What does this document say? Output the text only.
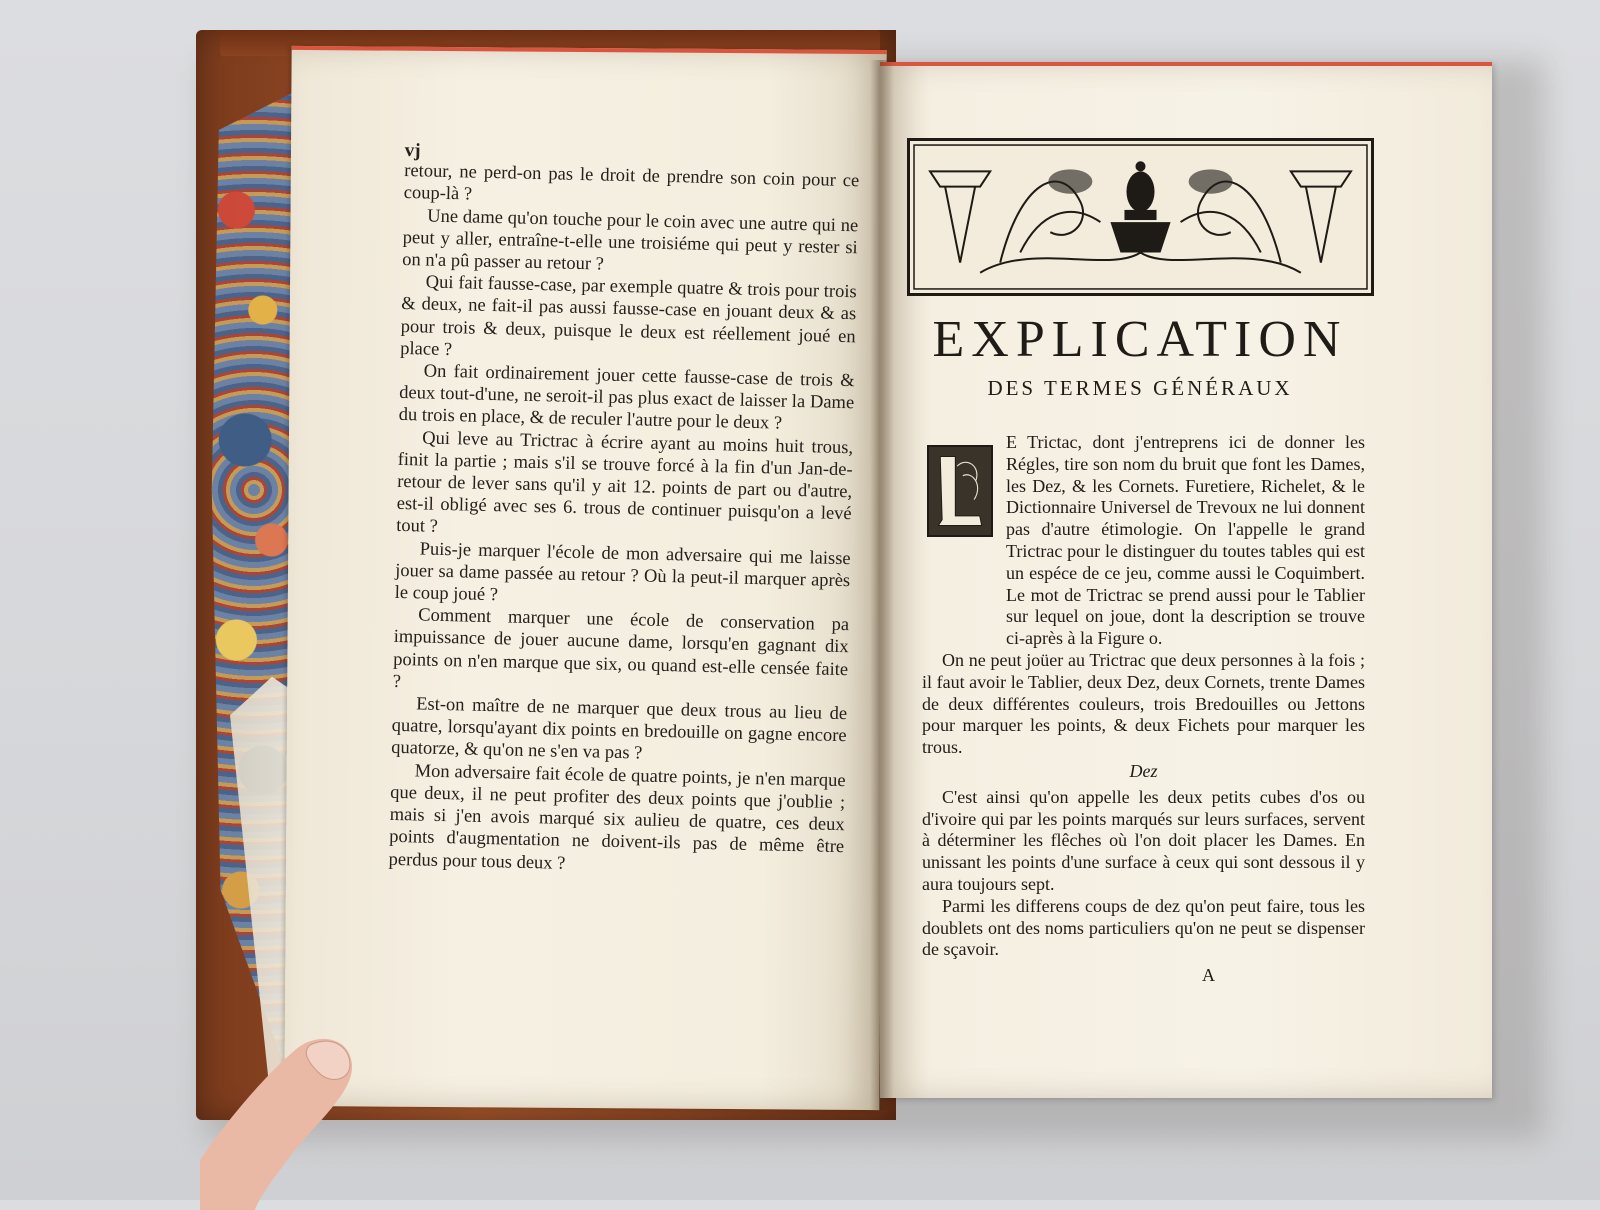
vj

retour, ne perd-on pas le droit de prendre son coin pour ce coup-là ?

Une dame qu'on touche pour le coin avec une autre qui ne peut y aller, entraîne-t-elle une troisiéme qui peut y rester si on n'a pû passer au retour ?

Qui fait fausse-case, par exemple quatre & trois pour trois & deux, ne fait-il pas aussi fausse-case en jouant deux & as pour trois & deux, puisque le deux est réellement joué en place ?

On fait ordinairement jouer cette fausse-case de trois & deux tout-d'une, ne seroit-il pas plus exact de laisser la Dame du trois en place, & de reculer l'autre pour le deux ?

Qui leve au Trictrac à écrire ayant au moins huit trous, finit la partie ; mais s'il se trouve forcé à la fin d'un Jan-de-retour de lever sans qu'il y ait 12. points de part ou d'autre, est-il obligé avec ses 6. trous de continuer puisqu'on a levé tout ?

Puis-je marquer l'école de mon adversaire qui me laisse jouer sa dame passée au retour ? Où la peut-il marquer après le coup joué ?

Comment marquer une école de conservation pa impuissance de jouer aucune dame, lorsqu'en gagnant dix points on n'en marque que six, ou quand est-elle censée faite ?

Est-on maître de ne marquer que deux trous au lieu de quatre, lorsqu'ayant dix points en bredouille on gagne encore quatorze, & qu'on ne s'en va pas ?

Mon adversaire fait école de quatre points, je n'en marque que deux, il ne peut profiter des deux points que j'oublie ; mais si j'en avois marqué six aulieu de quatre, ces deux points d'augmentation ne doivent-ils pas de même être perdus pour tous deux ?

EXPLICATION
DES TERMES GÉNÉRAUX

E Trictac, dont j'entreprens ici de donner les Régles, tire son nom du bruit que font les Dames, les Dez, & les Cornets. Furetiere, Richelet, & le Dictionnaire Universel de Trevoux ne lui donnent pas d'autre étimologie. On l'appelle le grand Trictrac pour le distinguer du toutes tables qui est un espéce de ce jeu, comme aussi le Coquimbert. Le mot de Trictrac se prend aussi pour le Tablier sur lequel on joue, dont la description se trouve ci-après à la Figure o.

On ne peut joüer au Trictrac que deux personnes à la fois ; il faut avoir le Tablier, deux Dez, deux Cornets, trente Dames de deux différentes couleurs, trois Bredouilles ou Jettons pour marquer les points, & deux Fichets pour marquer les trous.

Dez

C'est ainsi qu'on appelle les deux petits cubes d'os ou d'ivoire qui par les points marqués sur leurs surfaces, servent à déterminer les flêches où l'on doit placer les Dames. En unissant les points d'une surface à ceux qui sont dessous il y aura toujours sept.

Parmi les differens coups de dez qu'on peut faire, tous les doublets ont des noms particuliers qu'on ne peut se dispenser de sçavoir.

A
